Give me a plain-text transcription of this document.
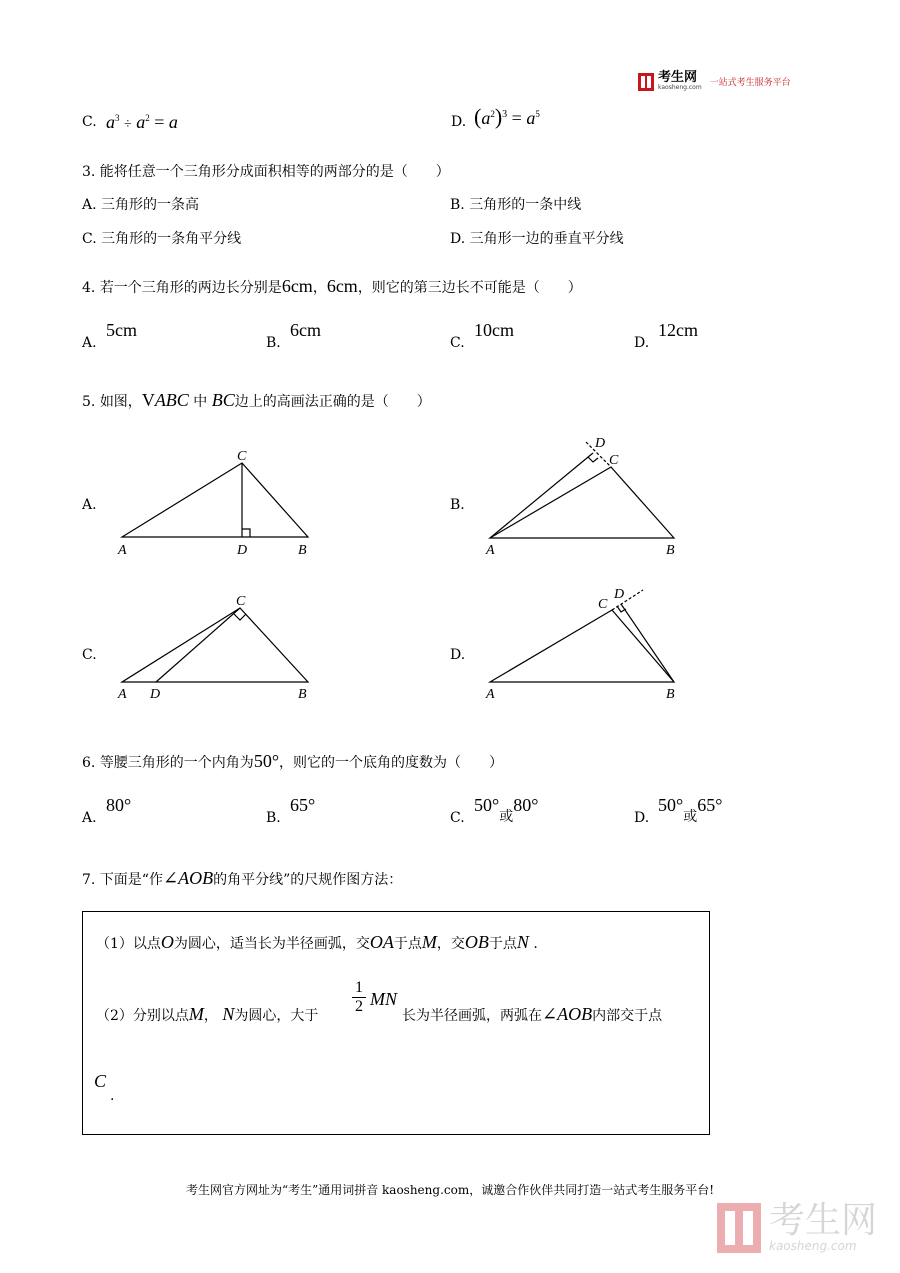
考生网
kaosheng.com 一站式考生服务平台
C. $a^3 \div a^2 = a$	D. $(a^2)^3 = a^5$
3. 能将任意一个三角形分成面积相等的两部分的是（　　）
A. 三角形的一条高	B. 三角形的一条中线
C. 三角形的一条角平分线	D. 三角形一边的垂直平分线
4. 若一个三角形的两边长分别是6cm，6cm，则它的第三边长不可能是（　　）
A.
5cm
B.
6cm
C.
10cm
D.
12cm
5. 如图，VABC 中 BC边上的高画法正确的是（　　）
A.	B.
C.	D.
C
A	D	B
D
C
A	B
C
A D	B
D
C
A	B
6. 等腰三角形的一个内角为50°，则它的一个底角的度数为（　　）
A.
80°
B.
65°
C.
50°或80°
D.
50°或65°
7. 下面是“作∠AOB的角平分线”的尺规作图方法：
（1）以点O为圆心，适当长为半径画弧，交OA于点M，交OB于点N .
（2）分别以点M， N为圆心，大于
1
2 MN
长为半径画弧，两弧在∠AOB内部交于点
C
.
考生网官方网址为“考生”通用词拼音 kaosheng.com，诚邀合作伙伴共同打造一站式考生服务平台!
考生网
kaosheng.com
